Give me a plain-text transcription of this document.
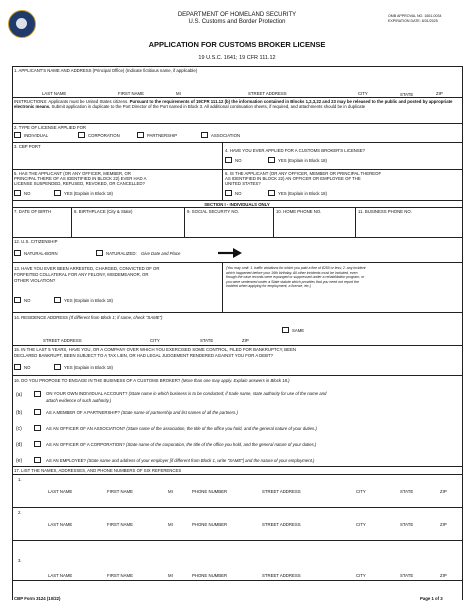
DEPARTMENT OF HOMELAND SECURITY
U.S. Customs and Border Protection
OMB APPROVAL NO. 1651-0034
EXPIRATION DATE: 8/31/2025
APPLICATION FOR CUSTOMS BROKER LICENSE
19 U.S.C. 1641; 19 CFR 111.12
1. APPLICANT'S NAME AND ADDRESS (Principal Office) (Indicate fictitious name, if applicable)
LAST NAME	FIRST NAME	MI	STREET ADDRESS	CITY	STATE	ZIP
INSTRUCTIONS: Applicants must be United States citizens. Pursuant to the requirements of 19CFR 111.12 (b) the information contained in Blocks 1,2,3,22 and 23 may be released to the public and posted by appropriate electronic means. Submit application in duplicate to the Port Director of the Port named in Block 3. All additional continuation sheets, if required, and attachments should be in duplicate
2. TYPE OF LICENSE APPLIED FOR
INDIVIDUAL	CORPORATION	PARTNERSHIP	ASSOCIATION
3. CBP PORT
4. HAVE YOU EVER APPLIED FOR A CUSTOMS BROKER'S LICENSE?
NO	YES (Explain in Block 18)
5. HAS THE APPLICANT (OR ANY OFFICER, MEMBER, OR
PRINCIPAL THERE OF AS IDENTIFIED IN BLOCK 22) EVER HAD A
LICENSE SUSPENDED, REFUSED, REVOKED, OR CANCELLED?
NO	YES (Explain in Block 18)
6. IS THE APPLICANT (OR ANY OFFICER, MEMBER OR PRINCIPAL THEREOF
AS IDENTIFIED IN BLOCK 22) AN OFFICER OR EMPLOYEE OF THE
UNITED STATES?
NO	YES (Explain in Block 18)
SECTION I - INDIVIDUALS ONLY
7. DATE OF BIRTH	8. BIRTHPLACE (City & State)	9. SOCIAL SECURITY NO.	10. HOME PHONE NO.	11. BUSINESS PHONE NO.
12. U.S. CITIZENSHIP
NATURAL-BORN	NATURALIZED: Give Date and Place
13. HAVE YOU EVER BEEN ARRESTED, CHARGED, CONVICTED OF OR
FORFEITED COLLATERAL FOR ANY FELONY, MISDEMEANOR, OR
OTHER VIOLATION?
NO	YES (Explain in Block 18)
(You may omit: 1. traffic violations for which you paid a fine of $250 or less; 2. any incident
which happened before your 16th birthday. All other incidents must be included, even
though the case records were expunged or suppressed under a rehabilitation program, or
you were sentenced under a State statute which provides that you need not report the
incident when applying for employment, a license, etc.)
14. RESIDENCE ADDRESS (If different from Block 1; if same, check "SAME")
SAME
STREET ADDRESS	CITY	STATE	ZIP
15. IN THE LAST 5 YEARS, HAVE YOU, OR A COMPANY OVER WHICH YOU EXERCISED SOME CONTROL, FILED FOR BANKRUPTCY, BEEN
DECLARED BANKRUPT, BEEN SUBJECT TO A TAX LIEN, OR HAD LEGAL JUDGEMENT RENDERED AGAINST YOU FOR A DEBT?
NO	YES (Explain in Block 18)
16. DO YOU PROPOSE TO ENGAGE IN THE BUSINESS OF A CUSTOMS BROKER? (More than one may apply. Explain answers in Block 18.)
(a)	ON YOUR OWN INDIVIDUAL ACCOUNT? (State name in which business is to be conducted; if trade name, state authority for use of the name and
attach evidence of such authority.)
(b)	AS A MEMBER OF A PARTNERSHIP? (State name of partnership and list names of all the partners.)
(c)	AS AN OFFICER OF AN ASSOCIATION? (State name of the association, the title of the office you hold, and the general nature of your duties.)
(d)	AS AN OFFICER OF A CORPORATION? (State name of the corporation, the title of the office you hold, and the general nature of your duties.)
(e)	AS AN EMPLOYEE? (State name and address of your employer [if different from Block 1, write "SAME"] and the nature of your employment.)
17. LIST THE NAMES, ADDRESSES, AND PHONE NUMBERS OF SIX REFERENCES
1.
LAST NAME	FIRST NAME	MI	PHONE NUMBER	STREET ADDRESS	CITY	STATE	ZIP
2.
LAST NAME	FIRST NAME	MI	PHONE NUMBER	STREET ADDRESS	CITY	STATE	ZIP
3.
LAST NAME	FIRST NAME	MI	PHONE NUMBER	STREET ADDRESS	CITY	STATE	ZIP
CBP Form 3124 (10/22)	Page 1 of 3
